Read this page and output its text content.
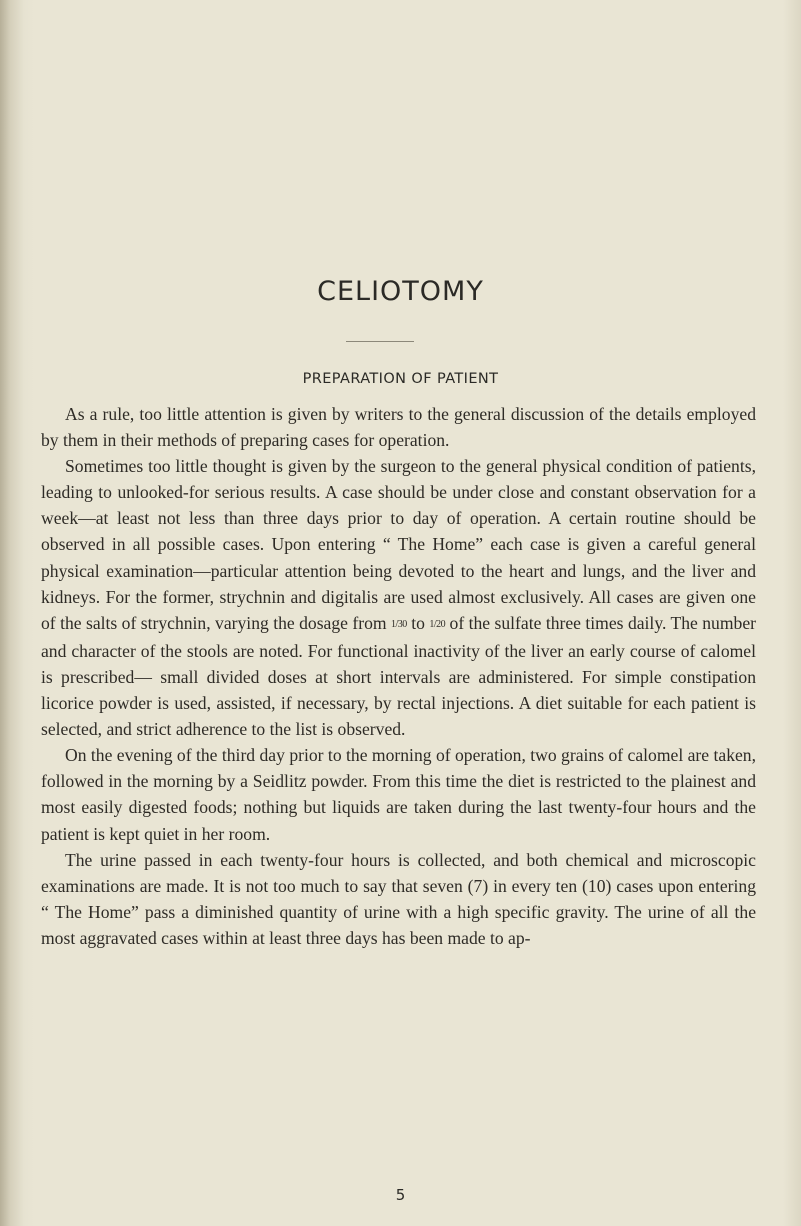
CELIOTOMY
PREPARATION OF PATIENT

As a rule, too little attention is given by writers to the general discussion of the details employed by them in their methods of preparing cases for operation.

Sometimes too little thought is given by the surgeon to the general physical condition of patients, leading to unlooked-for serious results. A case should be under close and constant observation for a week—at least not less than three days prior to day of operation. A certain routine should be observed in all possible cases. Upon entering “ The Home” each case is given a careful general physical examination—particular attention being devoted to the heart and lungs, and the liver and kidneys. For the former, strychnin and digitalis are used almost exclusively. All cases are given one of the salts of strychnin, varying the dosage from 1/30 to 1/20 of the sulfate three times daily. The number and character of the stools are noted. For functional inactivity of the liver an early course of calomel is prescribed— small divided doses at short intervals are administered. For simple constipation licorice powder is used, assisted, if necessary, by rectal injections. A diet suitable for each patient is selected, and strict adherence to the list is observed.

On the evening of the third day prior to the morning of operation, two grains of calomel are taken, followed in the morning by a Seidlitz powder. From this time the diet is restricted to the plainest and most easily digested foods; nothing but liquids are taken during the last twenty-four hours and the patient is kept quiet in her room.

The urine passed in each twenty-four hours is collected, and both chemical and microscopic examinations are made. It is not too much to say that seven (7) in every ten (10) cases upon entering “ The Home” pass a diminished quantity of urine with a high specific gravity. The urine of all the most aggravated cases within at least three days has been made to ap-

5
